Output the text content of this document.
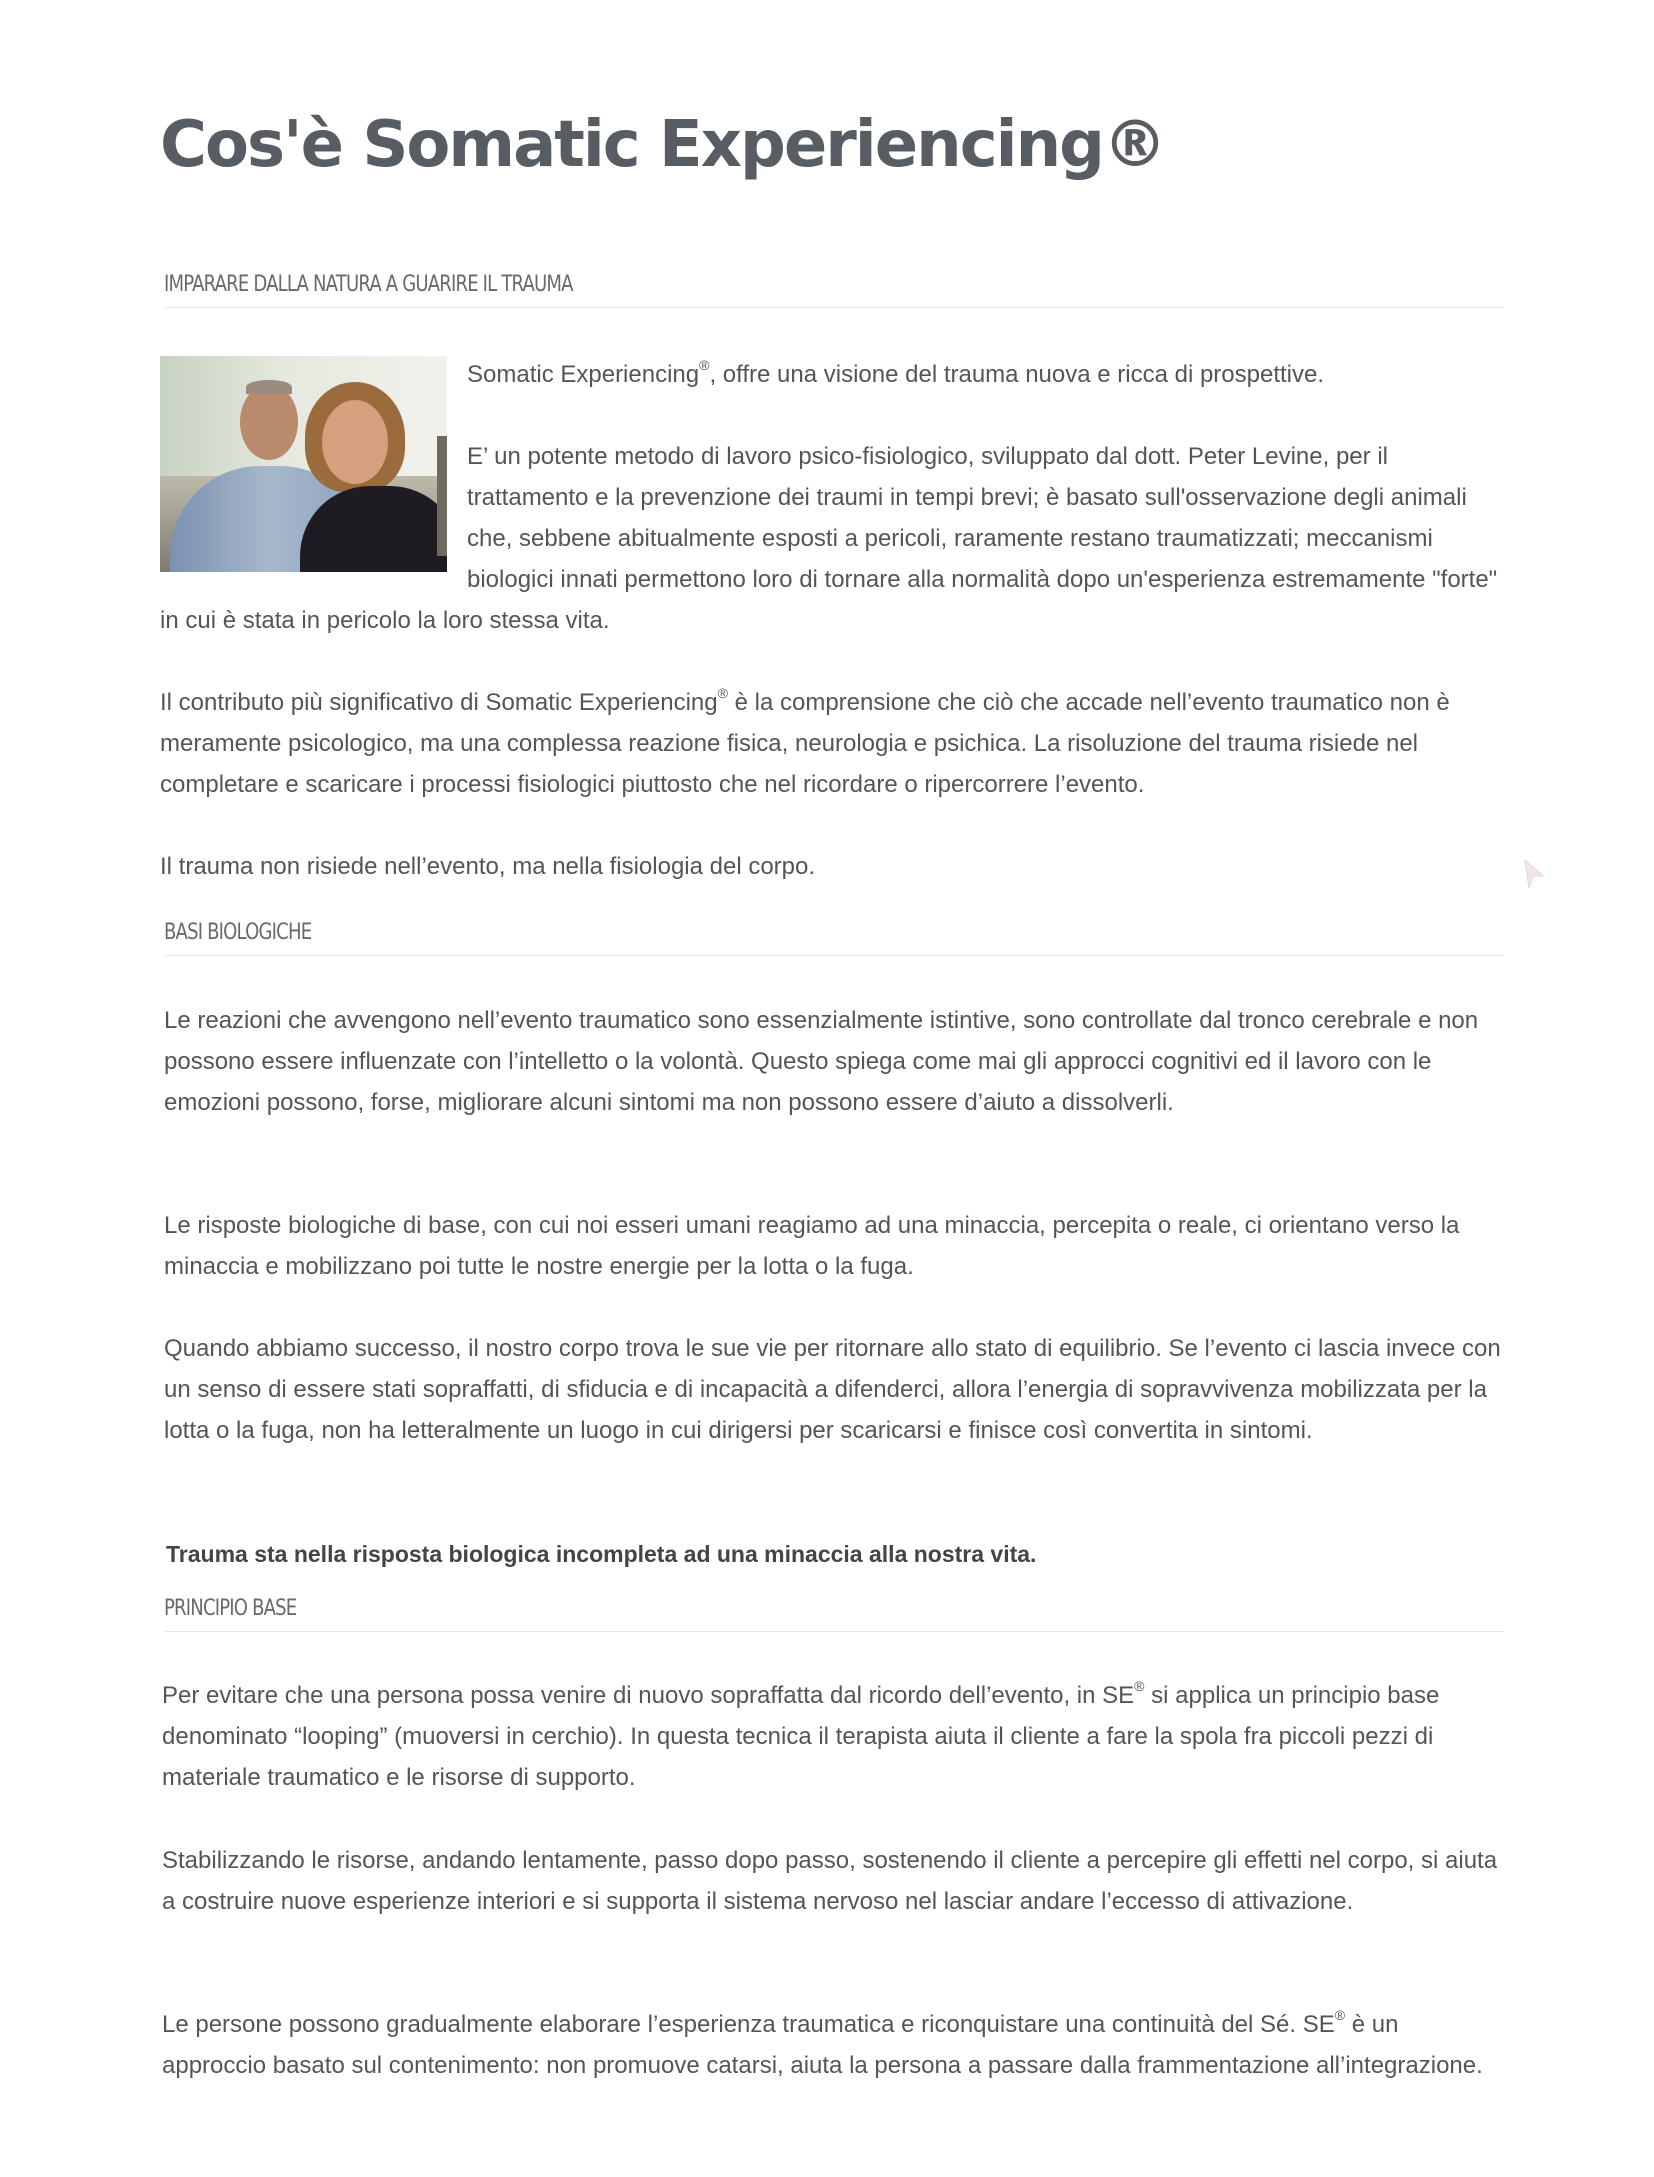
Cos'è Somatic Experiencing®
IMPARARE DALLA NATURA A GUARIRE IL TRAUMA

Somatic Experiencing®, offre una visione del trauma nuova e ricca di prospettive.

E’ un potente metodo di lavoro psico-fisiologico, sviluppato dal dott. Peter Levine, per il trattamento e la prevenzione dei traumi in tempi brevi; è basato sull'osservazione degli animali che, sebbene abitualmente esposti a pericoli, raramente restano traumatizzati; meccanismi biologici innati permettono loro di tornare alla normalità dopo un'esperienza estremamente "forte" in cui è stata in pericolo la loro stessa vita.

Il contributo più significativo di Somatic Experiencing® è la comprensione che ciò che accade nell’evento traumatico non è meramente psicologico, ma una complessa reazione fisica, neurologia e psichica. La risoluzione del trauma risiede nel completare e scaricare i processi fisiologici piuttosto che nel ricordare o ripercorrere l’evento.

Il trauma non risiede nell’evento, ma nella fisiologia del corpo.

BASI BIOLOGICHE

Le reazioni che avvengono nell’evento traumatico sono essenzialmente istintive, sono controllate dal tronco cerebrale e non possono essere influenzate con l’intelletto o la volontà. Questo spiega come mai gli approcci cognitivi ed il lavoro con le emozioni possono, forse, migliorare alcuni sintomi ma non possono essere d’aiuto a dissolverli.

Le risposte biologiche di base, con cui noi esseri umani reagiamo ad una minaccia, percepita o reale, ci orientano verso la minaccia e mobilizzano poi tutte le nostre energie per la lotta o la fuga.

Quando abbiamo successo, il nostro corpo trova le sue vie per ritornare allo stato di equilibrio. Se l’evento ci lascia invece con un senso di essere stati sopraffatti, di sfiducia e di incapacità a difenderci, allora l’energia di sopravvivenza mobilizzata per la lotta o la fuga, non ha letteralmente un luogo in cui dirigersi per scaricarsi e finisce così convertita in sintomi.

Trauma sta nella risposta biologica incompleta ad una minaccia alla nostra vita.

PRINCIPIO BASE

Per evitare che una persona possa venire di nuovo sopraffatta dal ricordo dell’evento, in SE® si applica un principio base denominato “looping” (muoversi in cerchio). In questa tecnica il terapista aiuta il cliente a fare la spola fra piccoli pezzi di materiale traumatico e le risorse di supporto.

Stabilizzando le risorse, andando lentamente, passo dopo passo, sostenendo il cliente a percepire gli effetti nel corpo, si aiuta a costruire nuove esperienze interiori e si supporta il sistema nervoso nel lasciar andare l’eccesso di attivazione.

Le persone possono gradualmente elaborare l’esperienza traumatica e riconquistare una continuità del Sé. SE® è un approccio basato sul contenimento: non promuove catarsi, aiuta la persona a passare dalla frammentazione all’integrazione.
